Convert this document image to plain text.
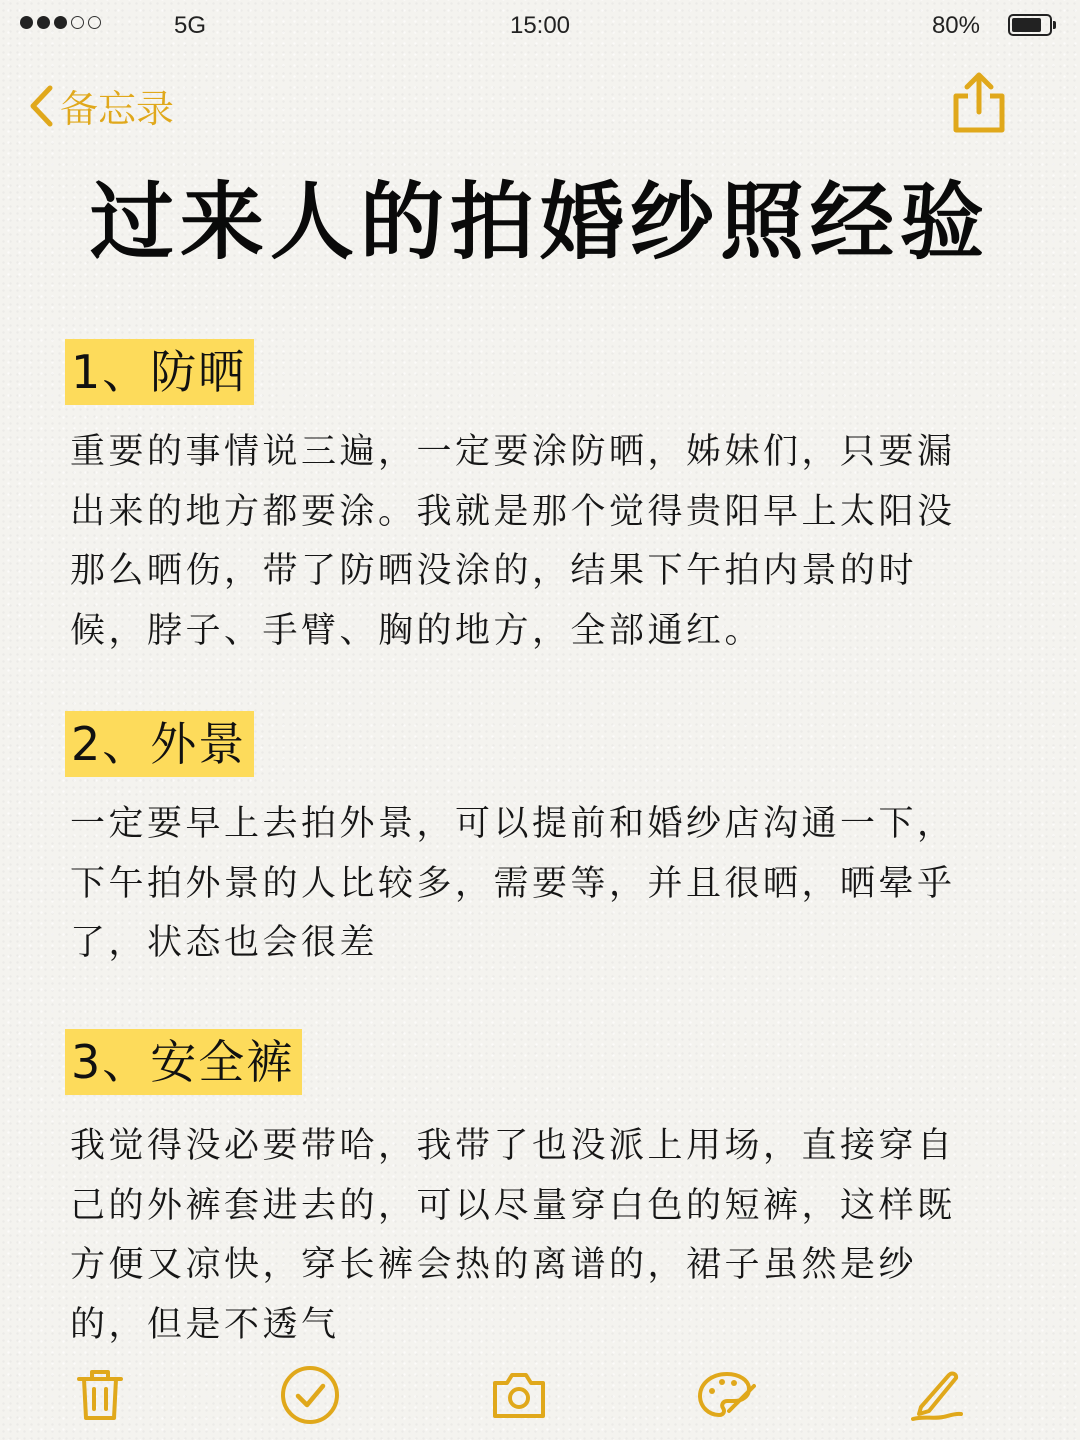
5G	15:00	80%
备忘录
过来人的拍婚纱照经验
1、防晒
重要的事情说三遍，一定要涂防晒，姊妹们，只要漏
出来的地方都要涂。我就是那个觉得贵阳早上太阳没
那么晒伤，带了防晒没涂的，结果下午拍内景的时
候，脖子、手臂、胸的地方，全部通红。
2、外景
一定要早上去拍外景，可以提前和婚纱店沟通一下，
下午拍外景的人比较多，需要等，并且很晒，晒晕乎
了，状态也会很差
3、安全裤
我觉得没必要带哈，我带了也没派上用场，直接穿自
己的外裤套进去的，可以尽量穿白色的短裤，这样既
方便又凉快，穿长裤会热的离谱的，裙子虽然是纱
的，但是不透气
